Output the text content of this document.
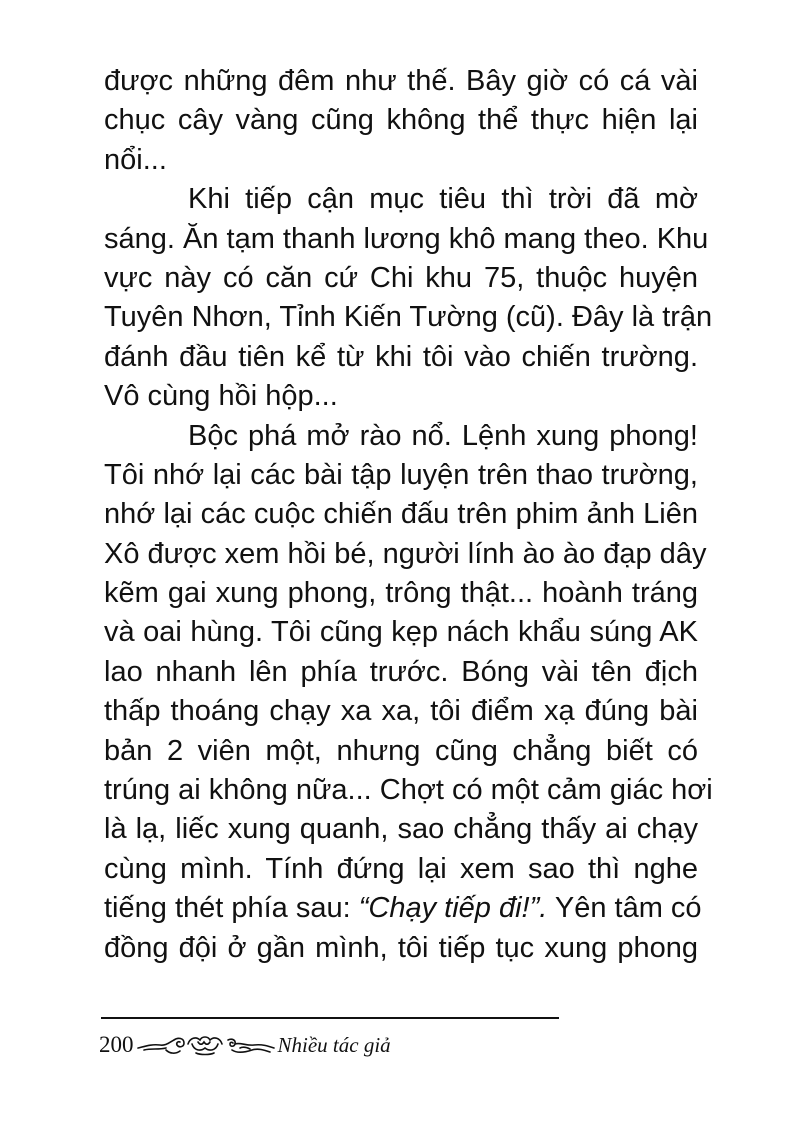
được những đêm như thế. Bây giờ có cá vài
chục cây vàng cũng không thể thực hiện lại
nổi...
Khi tiếp cận mục tiêu thì trời đã mờ
sáng. Ăn tạm thanh lương khô mang theo. Khu
vực này có căn cứ Chi khu 75, thuộc huyện
Tuyên Nhơn, Tỉnh Kiến Tường (cũ). Đây là trận
đánh đầu tiên kể từ khi tôi vào chiến trường.
Vô cùng hồi hộp...
Bộc phá mở rào nổ. Lệnh xung phong!
Tôi nhớ lại các bài tập luyện trên thao trường,
nhớ lại các cuộc chiến đấu trên phim ảnh Liên
Xô được xem hồi bé, người lính ào ào đạp dây
kẽm gai xung phong, trông thật... hoành tráng
và oai hùng. Tôi cũng kẹp nách khẩu súng AK
lao nhanh lên phía trước. Bóng vài tên địch
thấp thoáng chạy xa xa, tôi điểm xạ đúng bài
bản 2 viên một, nhưng cũng chẳng biết có
trúng ai không nữa... Chợt có một cảm giác hơi
là lạ, liếc xung quanh, sao chẳng thấy ai chạy
cùng mình. Tính đứng lại xem sao thì nghe
tiếng thét phía sau: “Chạy tiếp đi!”. Yên tâm có
đồng đội ở gần mình, tôi tiếp tục xung phong
200	Nhiều tác giả
